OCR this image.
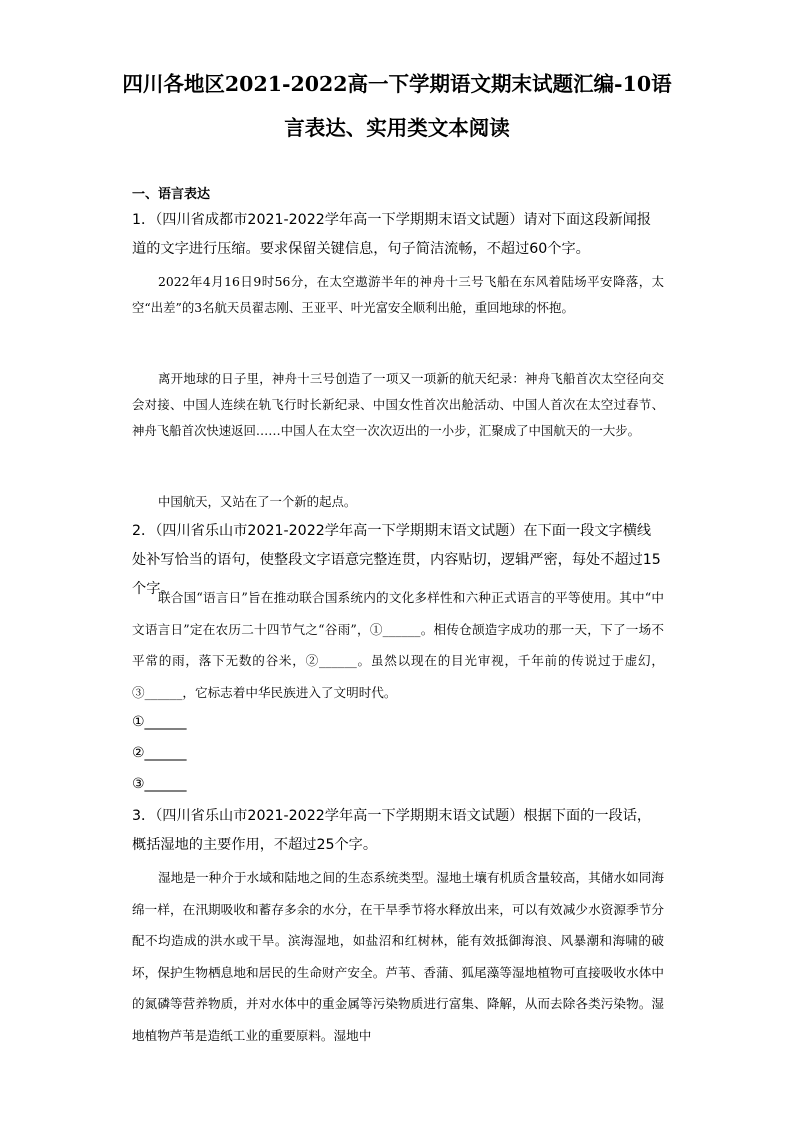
四川各地区2021-2022高一下学期语文期末试题汇编-10语
言表达、实用类文本阅读
一、语言表达

1．（四川省成都市2021-2022学年高一下学期期末语文试题）请对下面这段新闻报道的文字进行压缩。要求保留关键信息，句子简洁流畅，不超过60个字。

2022年4月16日9时56分，在太空遨游半年的神舟十三号飞船在东风着陆场平安降落，太空“出差”的3名航天员翟志刚、王亚平、叶光富安全顺利出舱，重回地球的怀抱。

离开地球的日子里，神舟十三号创造了一项又一项新的航天纪录：神舟飞船首次太空径向交会对接、中国人连续在轨飞行时长新纪录、中国女性首次出舱活动、中国人首次在太空过春节、神舟飞船首次快速返回……中国人在太空一次次迈出的一小步，汇聚成了中国航天的一大步。

中国航天，又站在了一个新的起点。

2．（四川省乐山市2021-2022学年高一下学期期末语文试题）在下面一段文字横线处补写恰当的语句，使整段文字语意完整连贯，内容贴切，逻辑严密，每处不超过15个字。

联合国“语言日”旨在推动联合国系统内的文化多样性和六种正式语言的平等使用。其中“中文语言日”定在农历二十四节气之“谷雨”，①______。相传仓颉造字成功的那一天，下了一场不平常的雨，落下无数的谷米，②______。虽然以现在的目光审视，千年前的传说过于虚幻，③______，它标志着中华民族进入了文明时代。

①______
②______
③______

3．（四川省乐山市2021-2022学年高一下学期期末语文试题）根据下面的一段话，概括湿地的主要作用，不超过25个字。

湿地是一种介于水域和陆地之间的生态系统类型。湿地土壤有机质含量较高，其储水如同海绵一样，在汛期吸收和蓄存多余的水分，在干旱季节将水释放出来，可以有效减少水资源季节分配不均造成的洪水或干旱。滨海湿地，如盐沼和红树林，能有效抵御海浪、风暴潮和海啸的破坏，保护生物栖息地和居民的生命财产安全。芦苇、香蒲、狐尾藻等湿地植物可直接吸收水体中的氮磷等营养物质，并对水体中的重金属等污染物质进行富集、降解，从而去除各类污染物。湿地植物芦苇是造纸工业的重要原料。湿地中
